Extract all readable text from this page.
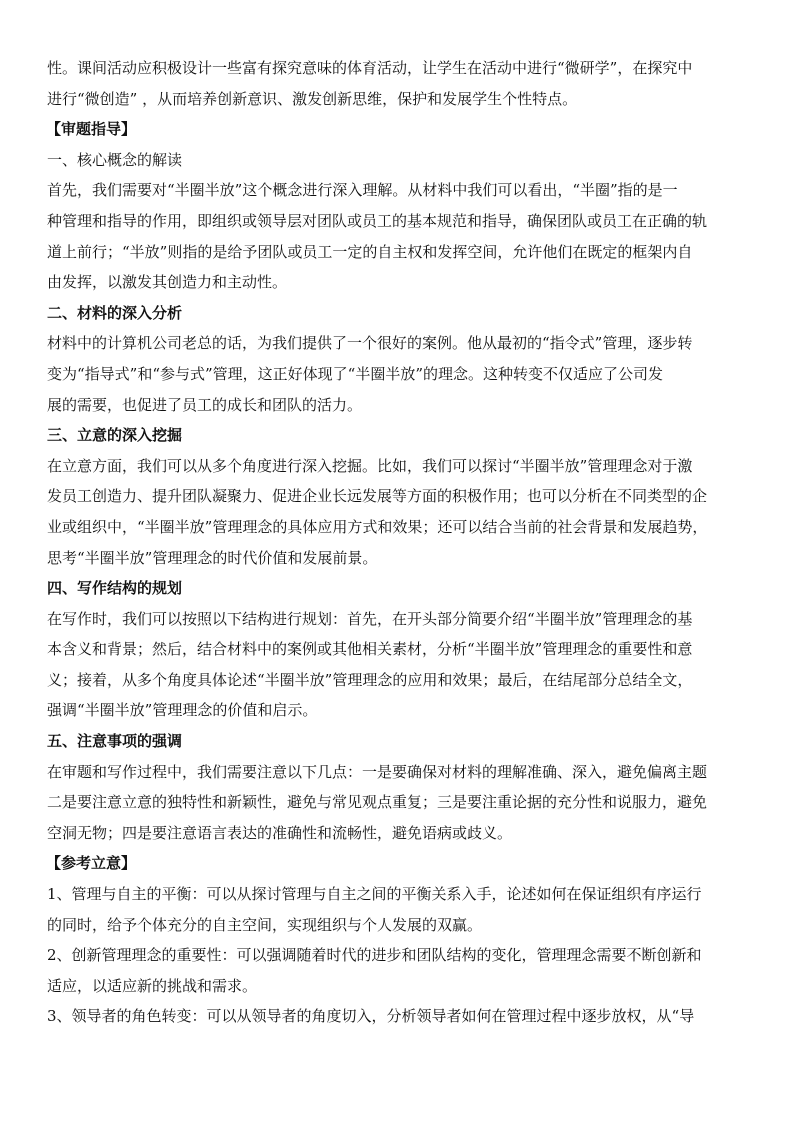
性。课间活动应积极设计一些富有探究意味的体育活动，让学生在活动中进行“微研学”，在探究中

进行“微创造” ，从而培养创新意识、激发创新思维，保护和发展学生个性特点。

【审题指导】

一、核心概念的解读

首先，我们需要对“半圈半放”这个概念进行深入理解。从材料中我们可以看出，“半圈”指的是一

种管理和指导的作用，即组织或领导层对团队或员工的基本规范和指导，确保团队或员工在正确的轨

道上前行；“半放”则指的是给予团队或员工一定的自主权和发挥空间，允许他们在既定的框架内自

由发挥，以激发其创造力和主动性。

二、材料的深入分析

材料中的计算机公司老总的话，为我们提供了一个很好的案例。他从最初的“指令式”管理，逐步转

变为“指导式”和“参与式”管理，这正好体现了“半圈半放”的理念。这种转变不仅适应了公司发

展的需要，也促进了员工的成长和团队的活力。

三、立意的深入挖掘

在立意方面，我们可以从多个角度进行深入挖掘。比如，我们可以探讨“半圈半放”管理理念对于激

发员工创造力、提升团队凝聚力、促进企业长远发展等方面的积极作用；也可以分析在不同类型的企

业或组织中，“半圈半放”管理理念的具体应用方式和效果；还可以结合当前的社会背景和发展趋势，

思考“半圈半放”管理理念的时代价值和发展前景。

四、写作结构的规划

在写作时，我们可以按照以下结构进行规划：首先，在开头部分简要介绍“半圈半放”管理理念的基

本含义和背景；然后，结合材料中的案例或其他相关素材，分析“半圈半放”管理理念的重要性和意

义；接着，从多个角度具体论述“半圈半放”管理理念的应用和效果；最后，在结尾部分总结全文，

强调“半圈半放”管理理念的价值和启示。

五、注意事项的强调

在审题和写作过程中，我们需要注意以下几点：一是要确保对材料的理解准确、深入，避免偏离主题

二是要注意立意的独特性和新颖性，避免与常见观点重复；三是要注重论据的充分性和说服力，避免

空洞无物；四是要注意语言表达的准确性和流畅性，避免语病或歧义。

【参考立意】

1、管理与自主的平衡：可以从探讨管理与自主之间的平衡关系入手，论述如何在保证组织有序运行

的同时，给予个体充分的自主空间，实现组织与个人发展的双赢。

2、创新管理理念的重要性：可以强调随着时代的进步和团队结构的变化，管理理念需要不断创新和

适应，以适应新的挑战和需求。

3、领导者的角色转变：可以从领导者的角度切入，分析领导者如何在管理过程中逐步放权，从“导
